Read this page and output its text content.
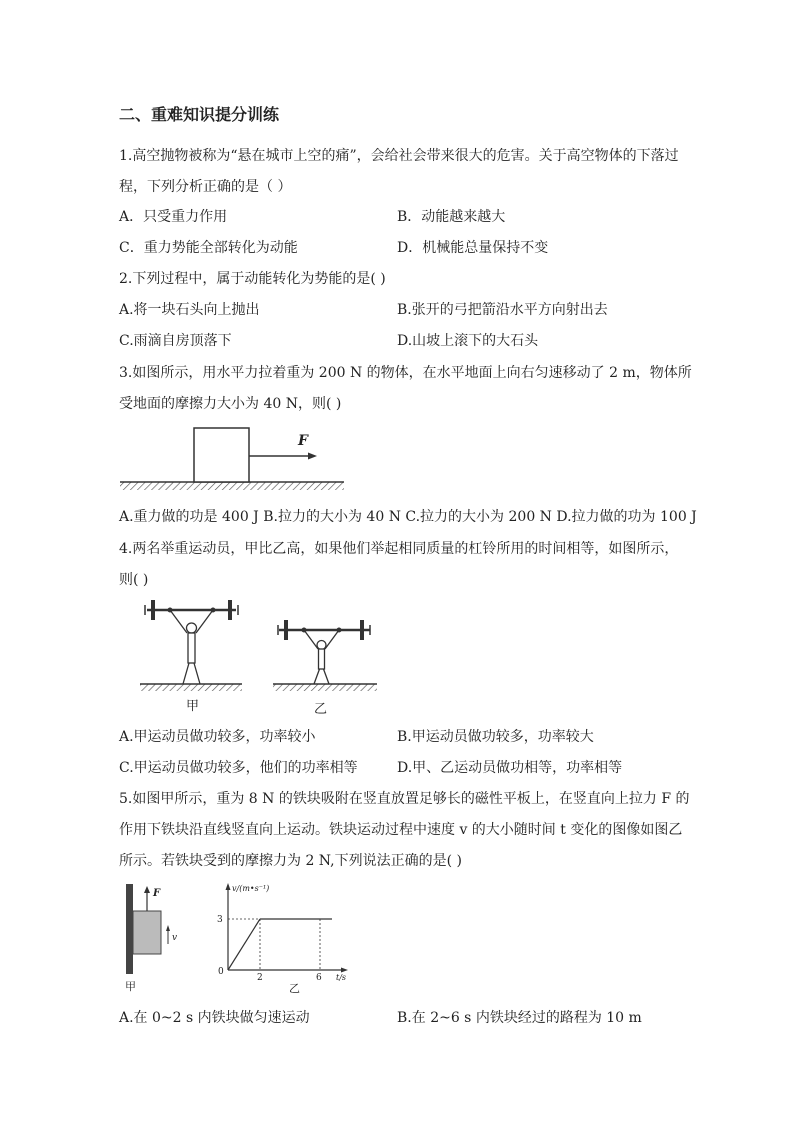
二、重难知识提分训练
1.高空抛物被称为“悬在城市上空的痛”，会给社会带来很大的危害。关于高空物体的下落过
程，下列分析正确的是（ ）
A．只受重力作用	B．动能越来越大
C．重力势能全部转化为动能	D．机械能总量保持不变
2.下列过程中，属于动能转化为势能的是( )
A.将一块石头向上抛出	B.张开的弓把箭沿水平方向射出去
C.雨滴自房顶落下	D.山坡上滚下的大石头
3.如图所示，用水平力拉着重为 200 N 的物体，在水平地面上向右匀速移动了 2 m，物体所
受地面的摩擦力大小为 40 N，则( )
F
A.重力做的功是 400 J B.拉力的大小为 40 N C.拉力的大小为 200 N D.拉力做的功为 100 J
4.两名举重运动员，甲比乙高，如果他们举起相同质量的杠铃所用的时间相等，如图所示，
则( )
甲	乙
A.甲运动员做功较多，功率较小	B.甲运动员做功较多，功率较大
C.甲运动员做功较多，他们的功率相等	D.甲、乙运动员做功相等，功率相等
5.如图甲所示，重为 8 N 的铁块吸附在竖直放置足够长的磁性平板上，在竖直向上拉力 F 的
作用下铁块沿直线竖直向上运动。铁块运动过程中速度 v 的大小随时间 t 变化的图像如图乙
所示。若铁块受到的摩擦力为 2 N,下列说法正确的是( )
F
v
甲
v/(m•s⁻¹)
t/s
0
3
2	6
乙
A.在 0~2 s 内铁块做匀速运动	B.在 2~6 s 内铁块经过的路程为 10 m
